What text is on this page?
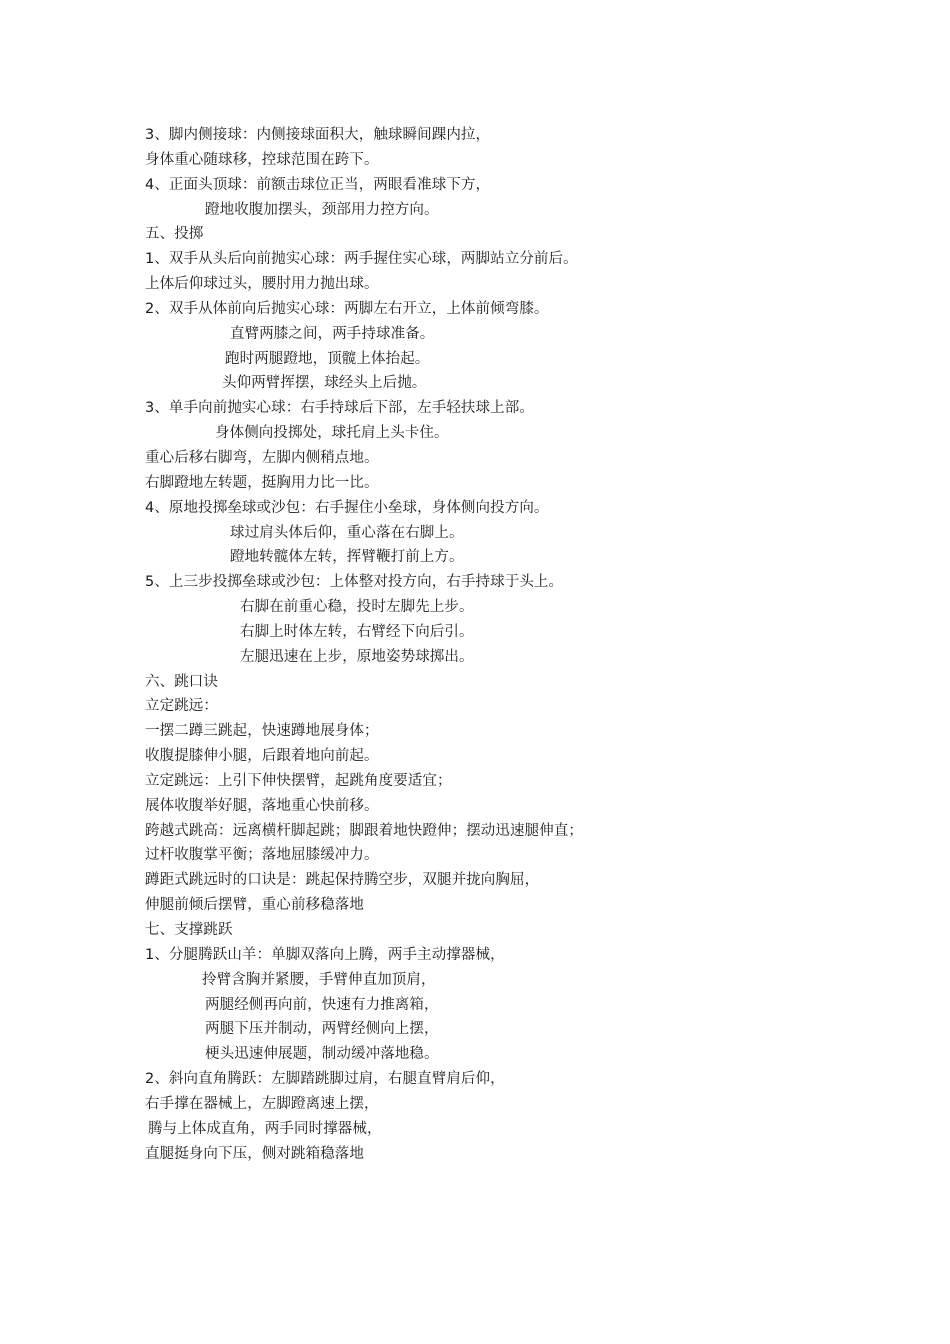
3、脚内侧接球：内侧接球面积大，触球瞬间踝内拉，
身体重心随球移，控球范围在跨下。
4、正面头顶球：前额击球位正当，两眼看准球下方，
蹬地收腹加摆头，颈部用力控方向。
五、投掷
1、双手从头后向前抛实心球：两手握住实心球，两脚站立分前后。
上体后仰球过头，腰肘用力抛出球。
2、双手从体前向后抛实心球：两脚左右开立，上体前倾弯膝。
直臂两膝之间，两手持球准备。
跑时两腿蹬地，顶髋上体抬起。
头仰两臂挥摆，球经头上后抛。
3、单手向前抛实心球：右手持球后下部，左手轻扶球上部。
身体侧向投掷处，球托肩上头卡住。
重心后移右脚弯，左脚内侧稍点地。
右脚蹬地左转题，挺胸用力比一比。
4、原地投掷垒球或沙包：右手握住小垒球，身体侧向投方向。
球过肩头体后仰，重心落在右脚上。
蹬地转髋体左转，挥臂鞭打前上方。
5、上三步投掷垒球或沙包：上体整对投方向，右手持球于头上。
右脚在前重心稳，投时左脚先上步。
右脚上时体左转，右臂经下向后引。
左腿迅速在上步，原地姿势球掷出。
六、跳口诀
立定跳远：
一摆二蹲三跳起，快速蹲地展身体；
收腹提膝伸小腿，后跟着地向前起。
立定跳远：上引下伸快摆臂，起跳角度要适宜；
展体收腹举好腿，落地重心快前移。
跨越式跳高：远离横杆脚起跳；脚跟着地快蹬伸；摆动迅速腿伸直；
过杆收腹掌平衡；落地屈膝缓冲力。
蹲距式跳远时的口诀是：跳起保持腾空步，双腿并拢向胸屈，
伸腿前倾后摆臂，重心前移稳落地
七、支撑跳跃
1、分腿腾跃山羊：单脚双落向上腾，两手主动撑器械，
拎臂含胸并紧腰，手臂伸直加顶肩，
两腿经侧再向前，快速有力推离箱，
两腿下压并制动，两臂经侧向上摆，
梗头迅速伸展题，制动缓冲落地稳。
2、斜向直角腾跃：左脚踏跳脚过肩，右腿直臂肩后仰，
右手撑在器械上，左脚蹬离速上摆，
腾与上体成直角，两手同时撑器械，
直腿挺身向下压，侧对跳箱稳落地
